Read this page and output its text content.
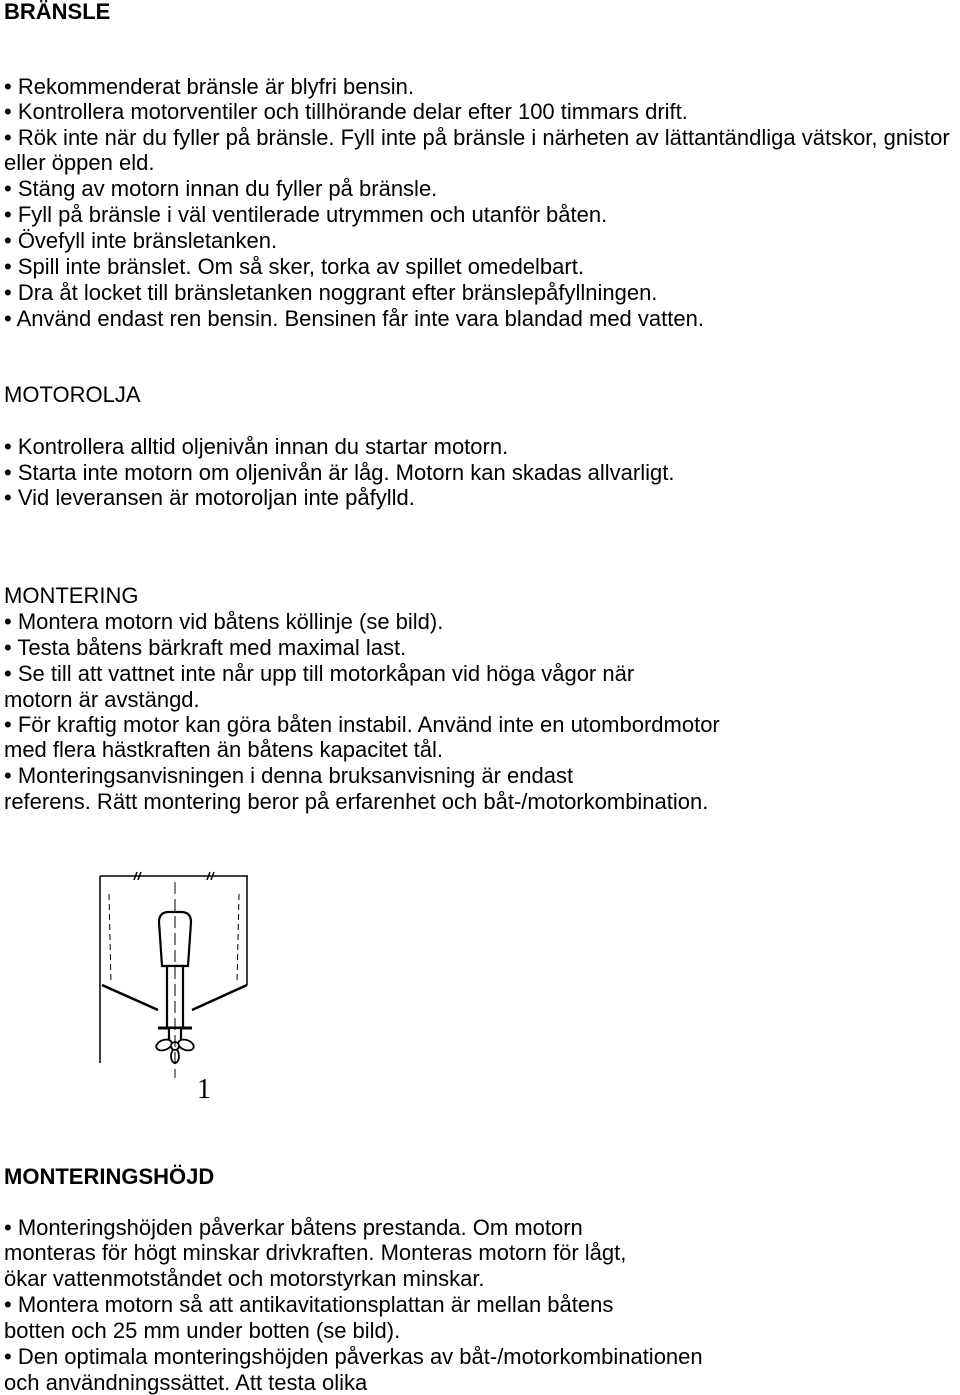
BRÄNSLE
• Rekommenderat bränsle är blyfri bensin.
• Kontrollera motorventiler och tillhörande delar efter 100 timmars drift.
• Rök inte när du fyller på bränsle. Fyll inte på bränsle i närheten av lättantändliga vätskor, gnistor
eller öppen eld.
• Stäng av motorn innan du fyller på bränsle.
• Fyll på bränsle i väl ventilerade utrymmen och utanför båten.
• Övefyll inte bränsletanken.
• Spill inte bränslet. Om så sker, torka av spillet omedelbart.
• Dra åt locket till bränsletanken noggrant efter bränslepåfyllningen.
• Använd endast ren bensin. Bensinen får inte vara blandad med vatten.
MOTOROLJA
• Kontrollera alltid oljenivån innan du startar motorn.
• Starta inte motorn om oljenivån är låg. Motorn kan skadas allvarligt.
• Vid leveransen är motoroljan inte påfylld.
MONTERING
• Montera motorn vid båtens köllinje (se bild).
• Testa båtens bärkraft med maximal last.
• Se till att vattnet inte når upp till motorkåpan vid höga vågor när
motorn är avstängd.
• För kraftig motor kan göra båten instabil. Använd inte en utombordmotor
med flera hästkraften än båtens kapacitet tål.
• Monteringsanvisningen i denna bruksanvisning är endast
referens. Rätt montering beror på erfarenhet och båt-/motorkombination.
1
MONTERINGSHÖJD
• Monteringshöjden påverkar båtens prestanda. Om motorn
monteras för högt minskar drivkraften. Monteras motorn för lågt,
ökar vattenmotståndet och motorstyrkan minskar.
• Montera motorn så att antikavitationsplattan är mellan båtens
botten och 25 mm under botten (se bild).
• Den optimala monteringshöjden påverkas av båt-/motorkombinationen
och användningssättet. Att testa olika
